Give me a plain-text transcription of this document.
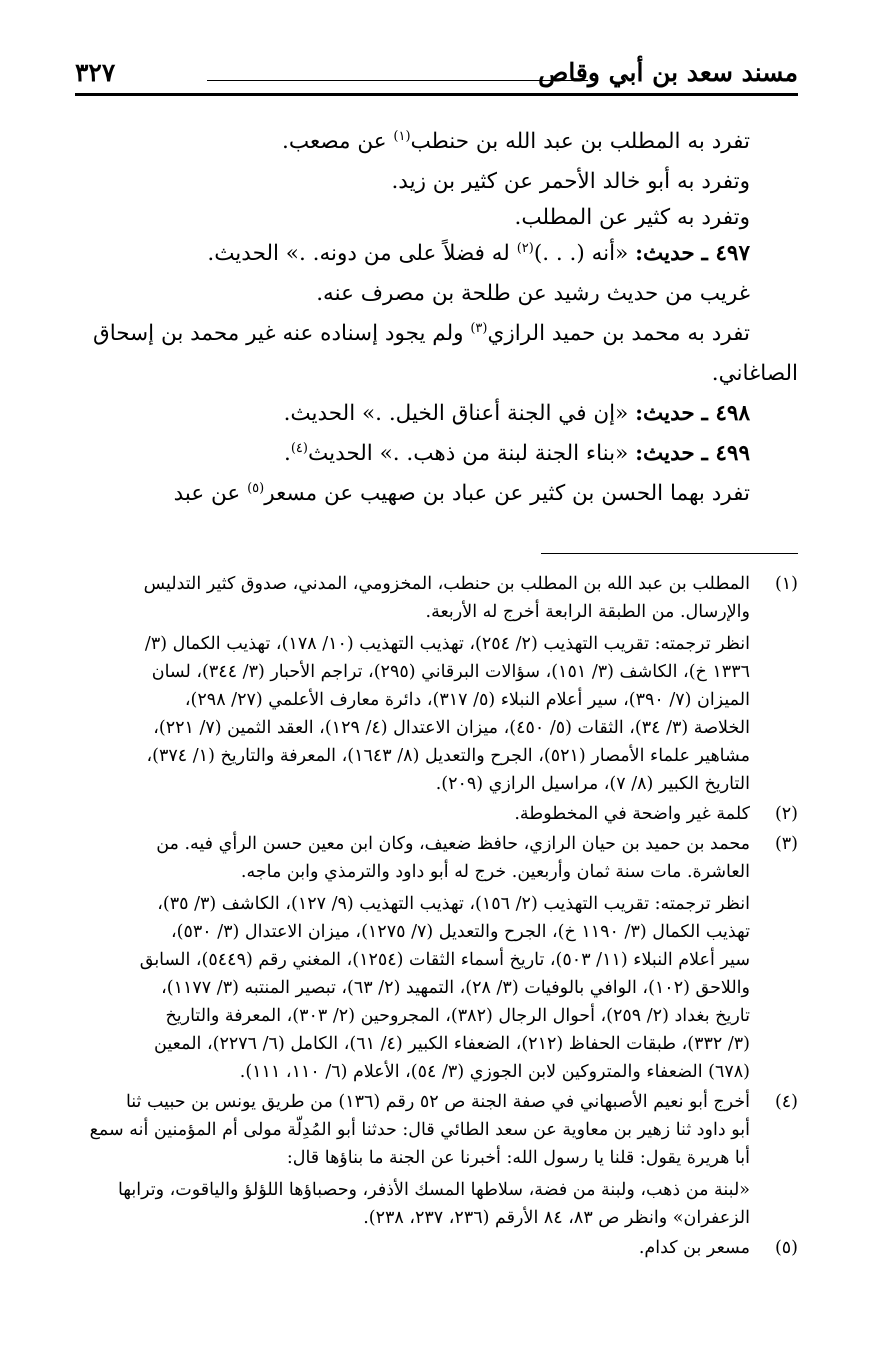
مسند سعد بن أبي وقاص
٣٢٧
تفرد به المطلب بن عبد الله بن حنطب$^{(١)}$ عن مصعب.
وتفرد به أبو خالد الأحمر عن كثير بن زيد.
وتفرد به كثير عن المطلب.
٤٩٧ ـ حديث: «أنه (. . .)$^{(٢)}$ له فضلاً على من دونه. .» الحديث.
غريب من حديث رشيد عن طلحة بن مصرف عنه.
تفرد به محمد بن حميد الرازي$^{(٣)}$ ولم يجود إسناده عنه غير محمد بن إسحاق
الصاغاني.
٤٩٨ ـ حديث: «إن في الجنة أعناق الخيل. .» الحديث.
٤٩٩ ـ حديث: «بناء الجنة لبنة من ذهب. .» الحديث$^{(٤)}$.
تفرد بهما الحسن بن كثير عن عباد بن صهيب عن مسعر$^{(٥)}$ عن عبد
(١)
المطلب بن عبد الله بن المطلب بن حنطب، المخزومي، المدني، صدوق كثير التدليس
والإرسال. من الطبقة الرابعة أخرج له الأربعة.
انظر ترجمته: تقريب التهذيب (٢/ ٢٥٤)، تهذيب التهذيب (١٠/ ١٧٨)، تهذيب الكمال (٣/
١٣٣٦ خ)، الكاشف (٣/ ١٥١)، سؤالات البرقاني (٢٩٥)، تراجم الأحبار (٣/ ٣٤٤)، لسان
الميزان (٧/ ٣٩٠)، سير أعلام النبلاء (٥/ ٣١٧)، دائرة معارف الأعلمي (٢٧/ ٢٩٨)،
الخلاصة (٣/ ٣٤)، الثقات (٥/ ٤٥٠)، ميزان الاعتدال (٤/ ١٢٩)، العقد الثمين (٧/ ٢٢١)،
مشاهير علماء الأمصار (٥٢١)، الجرح والتعديل (٨/ ١٦٤٣)، المعرفة والتاريخ (١/ ٣٧٤)،
التاريخ الكبير (٨/ ٧)، مراسيل الرازي (٢٠٩).
(٢)
كلمة غير واضحة في المخطوطة.
(٣)
محمد بن حميد بن حيان الرازي، حافظ ضعيف، وكان ابن معين حسن الرأي فيه. من
العاشرة. مات سنة ثمان وأربعين. خرج له أبو داود والترمذي وابن ماجه.
انظر ترجمته: تقريب التهذيب (٢/ ١٥٦)، تهذيب التهذيب (٩/ ١٢٧)، الكاشف (٣/ ٣٥)،
تهذيب الكمال (٣/ ١١٩٠ خ)، الجرح والتعديل (٧/ ١٢٧٥)، ميزان الاعتدال (٣/ ٥٣٠)،
سير أعلام النبلاء (١١/ ٥٠٣)، تاريخ أسماء الثقات (١٢٥٤)، المغني رقم (٥٤٤٩)، السابق
واللاحق (١٠٢)، الوافي بالوفيات (٣/ ٢٨)، التمهيد (٢/ ٦٣)، تبصير المنتبه (٣/ ١١٧٧)،
تاريخ بغداد (٢/ ٢٥٩)، أحوال الرجال (٣٨٢)، المجروحين (٢/ ٣٠٣)، المعرفة والتاريخ
(٣/ ٣٣٢)، طبقات الحفاظ (٢١٢)، الضعفاء الكبير (٤/ ٦١)، الكامل (٦/ ٢٢٧٦)، المعين
(٦٧٨) الضعفاء والمتروكين لابن الجوزي (٣/ ٥٤)، الأعلام (٦/ ١١٠، ١١١).
(٤)
أخرج أبو نعيم الأصبهاني في صفة الجنة ص ٥٢ رقم (١٣٦) من طريق يونس بن حبيب ثنا
أبو داود ثنا زهير بن معاوية عن سعد الطائي قال: حدثنا أبو المُدِلّة مولى أم المؤمنين أنه سمع
أبا هريرة يقول: قلنا يا رسول الله: أخبرنا عن الجنة ما بناؤها قال:
«لبنة من ذهب، ولبنة من فضة، سلاطها المسك الأذفر، وحصباؤها اللؤلؤ والياقوت، وترابها
الزعفران» وانظر ص ٨٣، ٨٤ الأرقم (٢٣٦، ٢٣٧، ٢٣٨).
(٥)
مسعر بن كدام.
